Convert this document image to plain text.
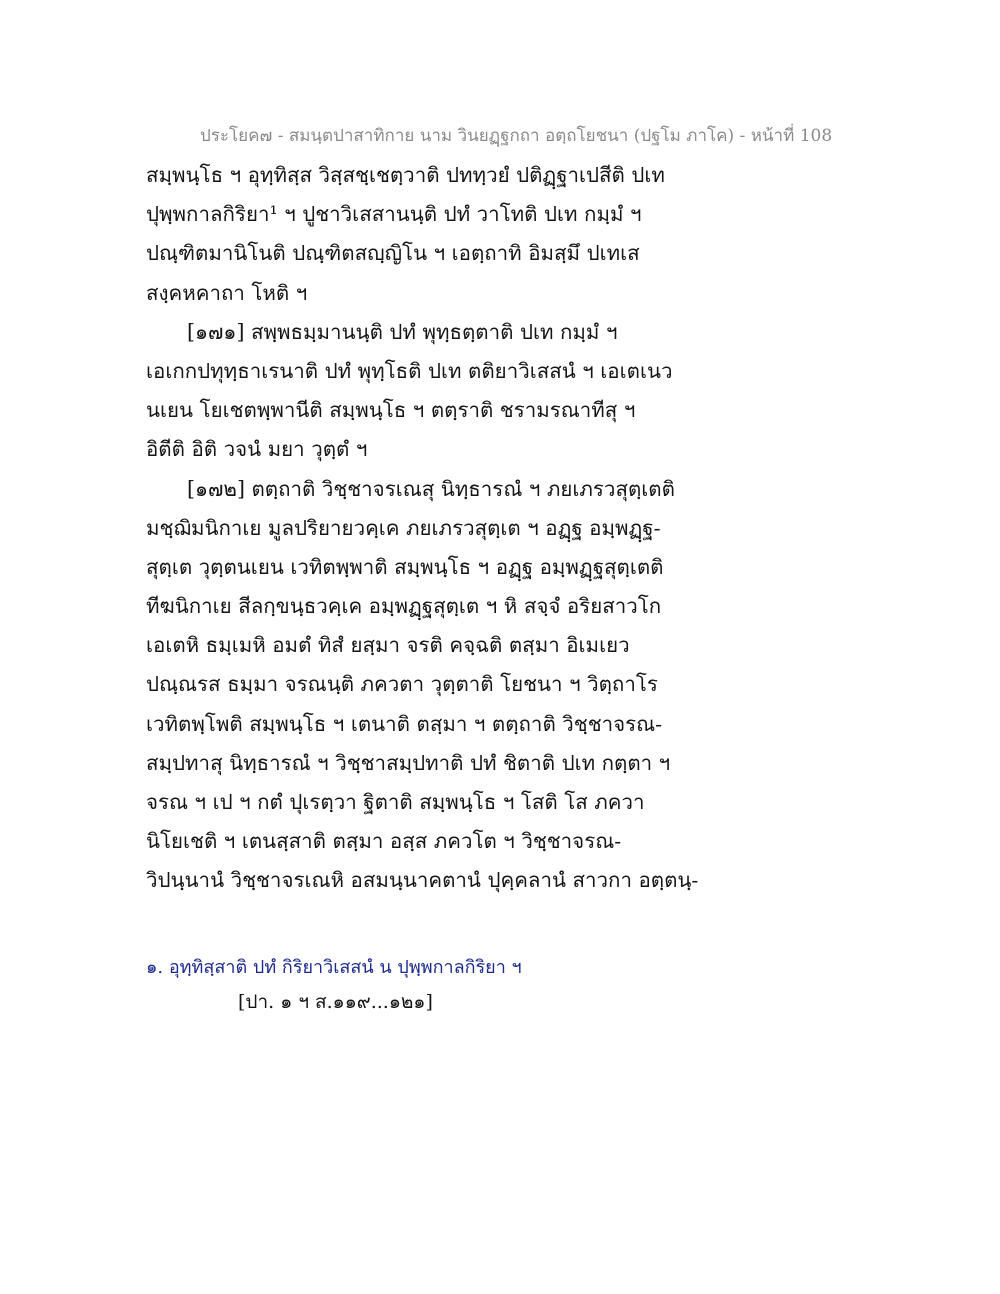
ประโยค๗ - สมนฺตปาสาทิกาย นาม วินยฏฺฐกถา อตฺถโยชนา (ปฐโม ภาโค) - หน้าที่ 108
สมฺพนฺโธ ฯ อุทฺทิสฺส วิสฺสชฺเชตฺวาติ ปททฺวยํ ปติฏฺฐาเปสีติ ปเท
ปุพฺพกาลกิริยา¹ ฯ ปูชาวิเสสานนฺติ ปทํ วาโทติ ปเท กมฺมํ ฯ
ปณฺฑิตมานิโนติ ปณฺฑิตสญฺญิโน ฯ เอตฺถาทิ อิมสฺมึ ปเทเส
สงฺคหคาถา โหติ ฯ
[๑๗๑] สพฺพธมฺมานนฺติ ปทํ พุทฺธตฺตาติ ปเท กมฺมํ ฯ
เอเกกปทุทฺธาเรนาติ ปทํ พุทฺโธติ ปเท ตติยาวิเสสนํ ฯ เอเตเนว
นเยน โยเชตพฺพานีติ สมฺพนฺโธ ฯ ตตฺราติ ชรามรณาทีสุ ฯ
อิตีติ อิติ วจนํ มยา วุตฺตํ ฯ
[๑๗๒] ตตฺถาติ วิชฺชาจรเณสุ นิทฺธารณํ ฯ ภยเภรวสุตฺเตติ
มชฺฌิมนิกาเย มูลปริยายวคฺเค ภยเภรวสุตฺเต ฯ อฏฺฐ อมฺพฏฺฐ-
สุตฺเต วุตฺตนเยน เวทิตพฺพาติ สมฺพนฺโธ ฯ อฏฺฐ อมฺพฏฺฐสุตฺเตติ
ทีฆนิกาเย สีลกฺขนฺธวคฺเค อมฺพฏฺฐสุตฺเต ฯ หิ สจฺจํ อริยสาวโก
เอเตหิ ธมฺเมหิ อมตํ ทิสํ ยสฺมา จรติ คจฺฉติ ตสฺมา อิเมเยว
ปณฺณรส ธมฺมา จรณนฺติ ภควตา วุตฺตาติ โยชนา ฯ วิตฺถาโร
เวทิตพฺโพติ สมฺพนฺโธ ฯ เตนาติ ตสฺมา ฯ ตตฺถาติ วิชฺชาจรณ-
สมฺปทาสุ นิทฺธารณํ ฯ วิชฺชาสมฺปทาติ ปทํ ชิตาติ ปเท กตฺตา ฯ
จรณ ฯ เป ฯ กตํ ปุเรตฺวา ฐิตาติ สมฺพนฺโธ ฯ โสติ โส ภควา
นิโยเชติ ฯ เตนสฺสาติ ตสฺมา อสฺส ภควโต ฯ วิชฺชาจรณ-
วิปนฺนานํ วิชฺชาจรเณหิ อสมนฺนาคตานํ ปุคฺคลานํ สาวกา อตฺตนฺ-
๑. อุทฺทิสฺสาติ ปทํ กิริยาวิเสสนํ น ปุพฺพกาลกิริยา ฯ
[ปา. ๑ ฯ ส.๑๑๙...๑๒๑]
